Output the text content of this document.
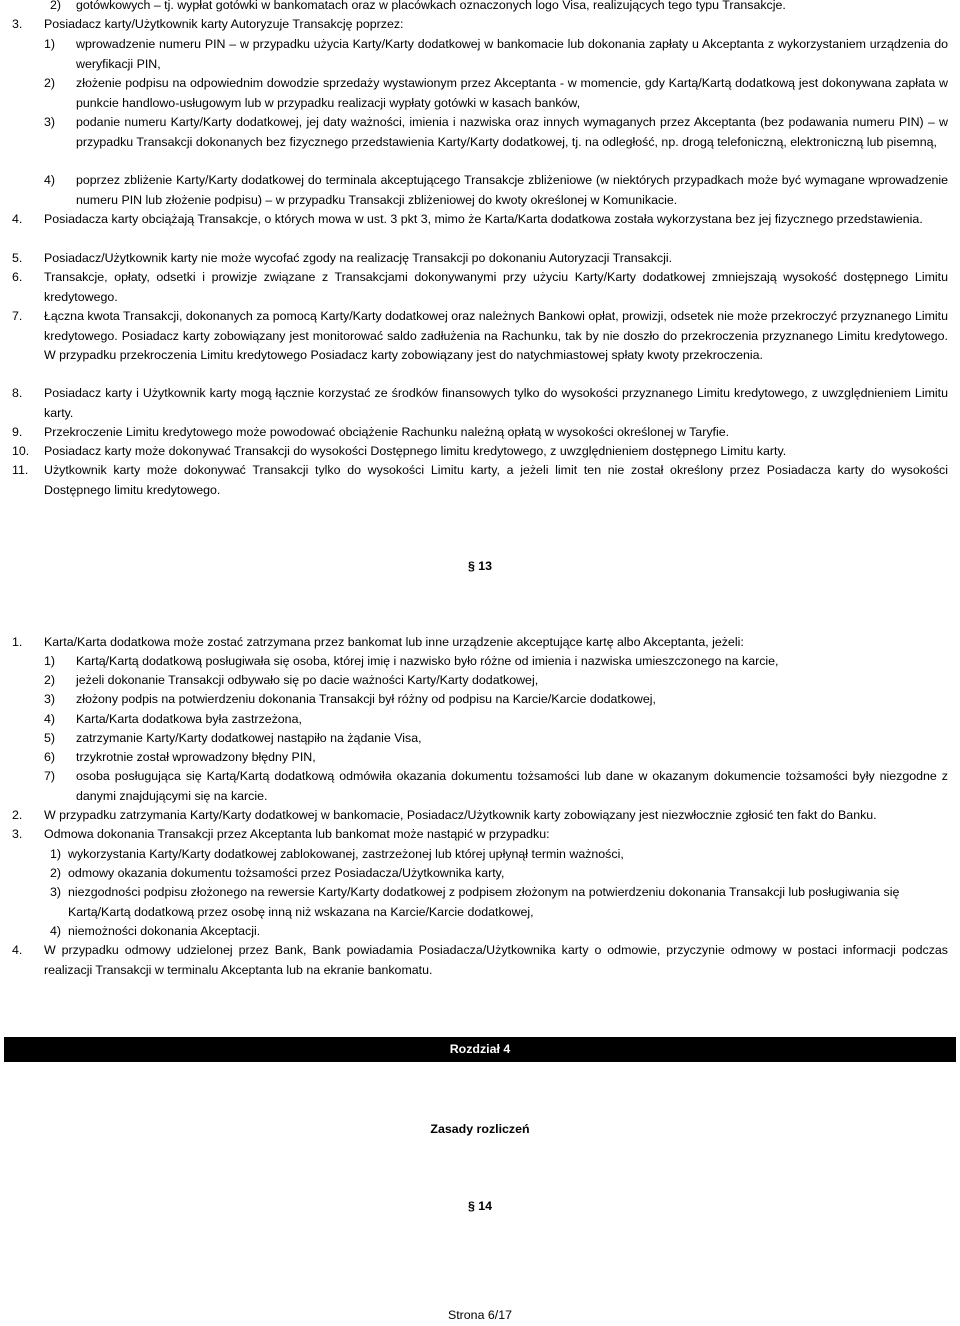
2) gotówkowych – tj. wypłat gotówki w bankomatach oraz w placówkach oznaczonych logo Visa, realizujących tego typu Transakcje.
3. Posiadacz karty/Użytkownik karty Autoryzuje Transakcję poprzez:
1) wprowadzenie numeru PIN – w przypadku użycia Karty/Karty dodatkowej w bankomacie lub dokonania zapłaty u Akceptanta z wykorzystaniem urządzenia do weryfikacji PIN,
2) złożenie podpisu na odpowiednim dowodzie sprzedaży wystawionym przez Akceptanta - w momencie, gdy Kartą/Kartą dodatkową jest dokonywana zapłata w punkcie handlowo-usługowym lub w przypadku realizacji wypłaty gotówki w kasach banków,
3) podanie numeru Karty/Karty dodatkowej, jej daty ważności, imienia i nazwiska oraz innych wymaganych przez Akceptanta (bez podawania numeru PIN) – w przypadku Transakcji dokonanych bez fizycznego przedstawienia Karty/Karty dodatkowej, tj. na odległość, np. drogą telefoniczną, elektroniczną lub pisemną,
4) poprzez zbliżenie Karty/Karty dodatkowej do terminala akceptującego Transakcje zbliżeniowe (w niektórych przypadkach może być wymagane wprowadzenie numeru PIN lub złożenie podpisu) – w przypadku Transakcji zbliżeniowej do kwoty określonej w Komunikacie.
4. Posiadacza karty obciążają Transakcje, o których mowa w ust. 3 pkt 3, mimo że Karta/Karta dodatkowa została wykorzystana bez jej fizycznego przedstawienia.
5. Posiadacz/Użytkownik karty nie może wycofać zgody na realizację Transakcji po dokonaniu Autoryzacji Transakcji.
6. Transakcje, opłaty, odsetki i prowizje związane z Transakcjami dokonywanymi przy użyciu Karty/Karty dodatkowej zmniejszają wysokość dostępnego Limitu kredytowego.
7. Łączna kwota Transakcji, dokonanych za pomocą Karty/Karty dodatkowej oraz należnych Bankowi opłat, prowizji, odsetek nie może przekroczyć przyznanego Limitu kredytowego. Posiadacz karty zobowiązany jest monitorować saldo zadłużenia na Rachunku, tak by nie doszło do przekroczenia przyznanego Limitu kredytowego. W przypadku przekroczenia Limitu kredytowego Posiadacz karty zobowiązany jest do natychmiastowej spłaty kwoty przekroczenia.
8. Posiadacz karty i Użytkownik karty mogą łącznie korzystać ze środków finansowych tylko do wysokości przyznanego Limitu kredytowego, z uwzględnieniem Limitu karty.
9. Przekroczenie Limitu kredytowego może powodować obciążenie Rachunku należną opłatą w wysokości określonej w Taryfie.
10. Posiadacz karty może dokonywać Transakcji do wysokości Dostępnego limitu kredytowego, z uwzględnieniem dostępnego Limitu karty.
11. Użytkownik karty może dokonywać Transakcji tylko do wysokości Limitu karty, a jeżeli limit ten nie został określony przez Posiadacza karty do wysokości Dostępnego limitu kredytowego.
§ 13
1. Karta/Karta dodatkowa może zostać zatrzymana przez bankomat lub inne urządzenie akceptujące kartę albo Akceptanta, jeżeli:
1) Kartą/Kartą dodatkową posługiwała się osoba, której imię i nazwisko było różne od imienia i nazwiska umieszczonego na karcie,
2) jeżeli dokonanie Transakcji odbywało się po dacie ważności Karty/Karty dodatkowej,
3) złożony podpis na potwierdzeniu dokonania Transakcji był różny od podpisu na Karcie/Karcie dodatkowej,
4) Karta/Karta dodatkowa była zastrzeżona,
5) zatrzymanie Karty/Karty dodatkowej nastąpiło na żądanie Visa,
6) trzykrotnie został wprowadzony błędny PIN,
7) osoba posługująca się Kartą/Kartą dodatkową odmówiła okazania dokumentu tożsamości lub dane w okazanym dokumencie tożsamości były niezgodne z danymi znajdującymi się na karcie.
2. W przypadku zatrzymania Karty/Karty dodatkowej w bankomacie, Posiadacz/Użytkownik karty zobowiązany jest niezwłocznie zgłosić ten fakt do Banku.
3. Odmowa dokonania Transakcji przez Akceptanta lub bankomat może nastąpić w przypadku:
1) wykorzystania Karty/Karty dodatkowej zablokowanej, zastrzeżonej lub której upłynął termin ważności,
2) odmowy okazania dokumentu tożsamości przez Posiadacza/Użytkownika karty,
3) niezgodności podpisu złożonego na rewersie Karty/Karty dodatkowej z podpisem złożonym na potwierdzeniu dokonania Transakcji lub posługiwania się Kartą/Kartą dodatkową przez osobę inną niż wskazana na Karcie/Karcie dodatkowej,
4) niemożności dokonania Akceptacji.
4. W przypadku odmowy udzielonej przez Bank, Bank powiadamia Posiadacza/Użytkownika karty o odmowie, przyczynie odmowy w postaci informacji podczas realizacji Transakcji w terminalu Akceptanta lub na ekranie bankomatu.
Rozdział 4
Zasady rozliczeń
§ 14
Strona 6/17
